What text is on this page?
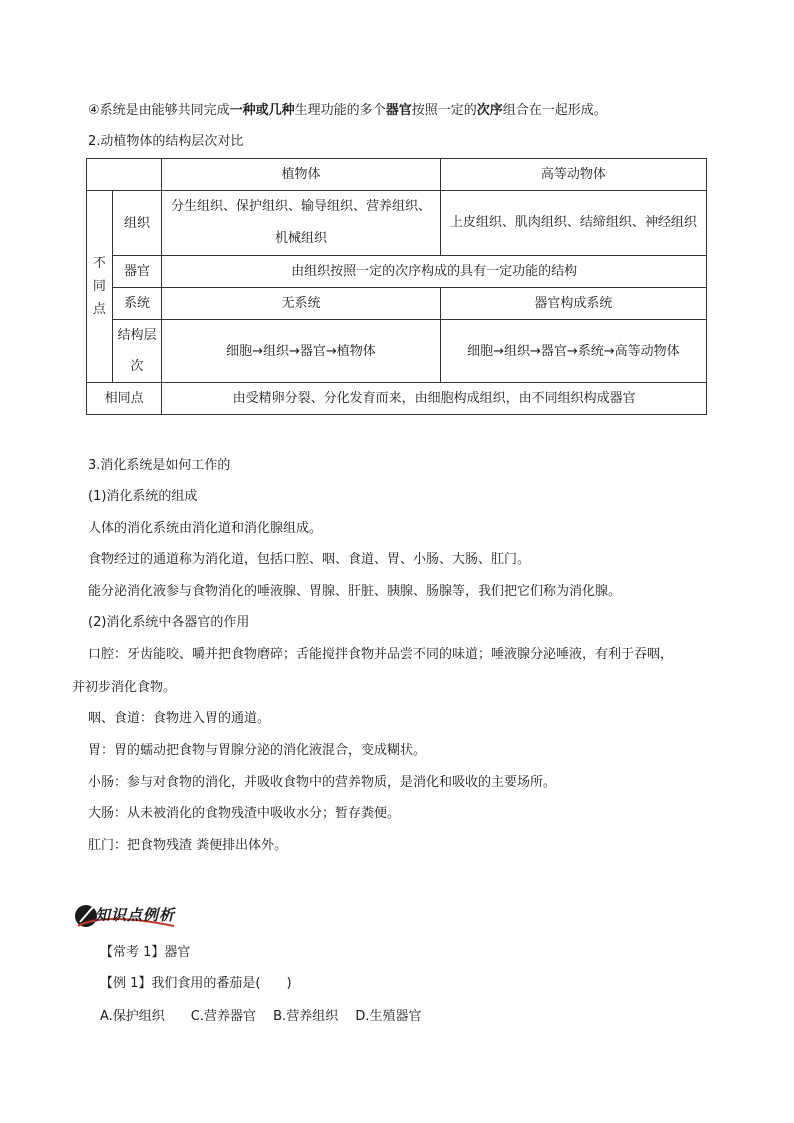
④系统是由能够共同完成一种或几种生理功能的多个器官按照一定的次序组合在一起形成。
2.动植物体的结构层次对比
		植物体	高等动物体
不
同
点	组织	分生组织、保护组织、输导组织、营养组织、机械组织	上皮组织、肌肉组织、结缔组织、神经组织
	器官	由组织按照一定的次序构成的具有一定功能的结构	
	系统	无系统	器官构成系统
	结构层次	细胞→组织→器官→植物体	细胞→组织→器官→系统→高等动物体
相同点		由受精卵分裂、分化发育而来，由细胞构成组织，由不同组织构成器官	
3.消化系统是如何工作的
(1)消化系统的组成
人体的消化系统由消化道和消化腺组成。
食物经过的通道称为消化道，包括口腔、咽、食道、胃、小肠、大肠、肛门。
能分泌消化液参与食物消化的唾液腺、胃腺、肝脏、胰腺、肠腺等，我们把它们称为消化腺。
(2)消化系统中各器官的作用
口腔：牙齿能咬、嚼并把食物磨碎；舌能搅拌食物并品尝不同的味道；唾液腺分泌唾液，有利于吞咽，
并初步消化食物。
咽、食道：食物进入胃的通道。
胃：胃的蠕动把食物与胃腺分泌的消化液混合，变成糊状。
小肠：参与对食物的消化，并吸收食物中的营养物质，是消化和吸收的主要场所。
大肠：从未被消化的食物残渣中吸收水分；暂存粪便。
肛门：把食物残渣 粪便排出体外。
知识点例析
【常考 1】器官
【例 1】我们食用的番茄是(　　)
A.保护组织　　C.营养器官　 B.营养组织　 D.生殖器官
